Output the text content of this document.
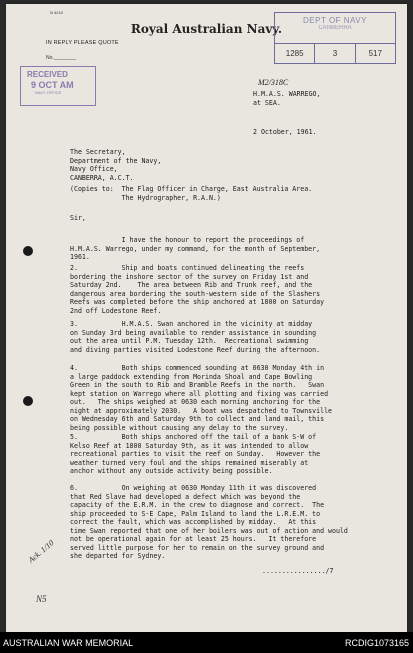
N 4219
Royal Australian Navy.
IN REPLY PLEASE QUOTE
No.________
DEPT OF NAVY
CANBERRA
1285	3	517
RECEIVED
9 OCT AM
NAVY OFFICE
M2/318C
H.M.A.S. WARREGO,
at SEA.
2 October, 1961.
The Secretary,
Department of the Navy,
Navy Office,
CANBERRA, A.C.T.
(Copies to:  The Flag Officer in Charge, East Australia Area.
The Hydrographer, R.A.N.)
Sir,
I have the honour to report the proceedings of
H.M.A.S. Warrego, under my command, for the month of September,
1961.
2.           Ship and boats continued delineating the reefs
bordering the inshore sector of the survey on Friday 1st and
Saturday 2nd.    The area between Rib and Trunk reef, and the
dangerous area bordering the south-western side of the Slashers
Reefs was completed before the ship anchored at 1800 on Saturday
2nd off Lodestone Reef.
3.           H.M.A.S. Swan anchored in the vicinity at midday
on Sunday 3rd being available to render assistance in sounding
out the area until P.M. Tuesday 12th.  Recreational swimming
and diving parties visited Lodestone Reef during the afternoon.
4.           Both ships commenced sounding at 0630 Monday 4th in
a large paddock extending from Morinda Shoal and Cape Bowling
Green in the south to Rib and Bramble Reefs in the north.   Swan
kept station on Warrego where all plotting and fixing was carried
out.   The ships weighed at 0630 each morning anchoring for the
night at approximately 2030.   A boat was despatched to Townsville
on Wednesday 6th and Saturday 9th to collect and land mail, this
being possible without causing any delay to the survey.
5.           Both ships anchored off the tail of a bank S-W of
Kelso Reef at 1800 Saturday 9th, as it was intended to allow
recreational parties to visit the reef on Sunday.   However the
weather turned very foul and the ships remained miserably at
anchor without any outside activity being possible.
6.           On weighing at 0630 Monday 11th it was discovered
that Red Slave had developed a defect which was beyond the
capacity of the E.R.M. in the crew to diagnose and correct.  The
ship proceeded to S-E Cape, Palm Island to land the L.R.E.M. to
correct the fault, which was accomplished by midday.   At this
time Swan reported that one of her boilers was out of action and would
not be operational again for at least 25 hours.   It therefore
served little purpose for her to remain on the survey ground and
she departed for Sydney.
................/7
Ack. 1/10
N5
AUSTRALIAN WAR MEMORIAL	RCDIG1073165
